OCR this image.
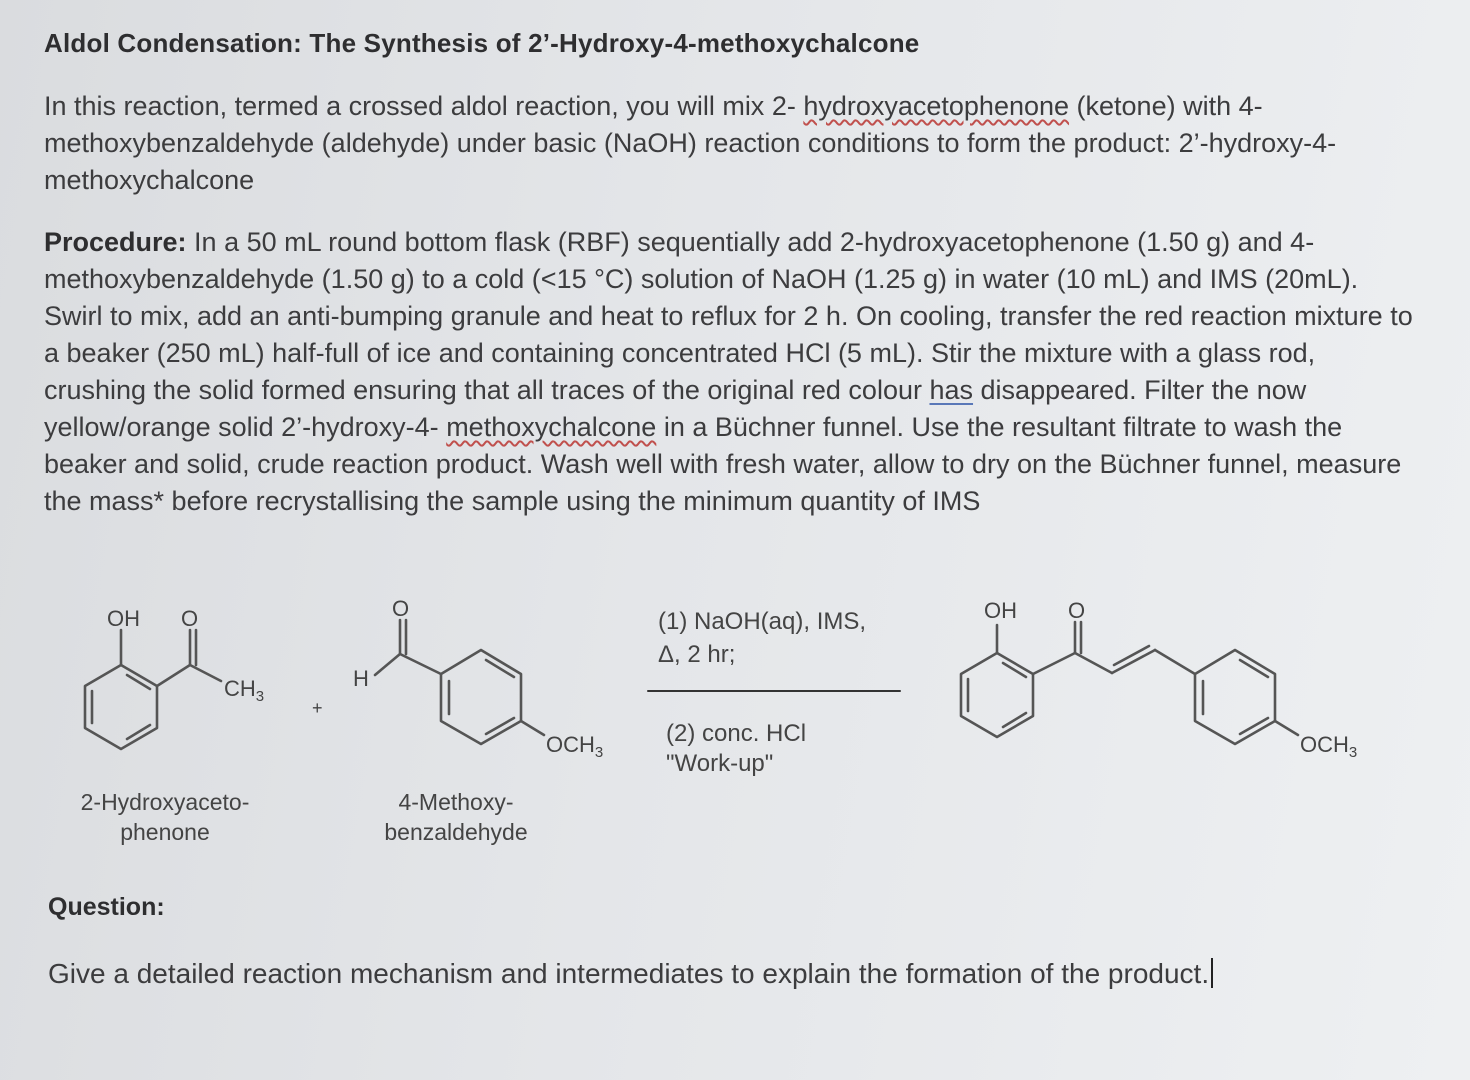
Aldol Condensation: The Synthesis of 2’-Hydroxy-4-methoxychalcone
In this reaction, termed a crossed aldol reaction, you will mix 2- hydroxyacetophenone (ketone) with 4-methoxybenzaldehyde (aldehyde) under basic (NaOH) reaction conditions to form the product: 2’-hydroxy-4-methoxychalcone
Procedure: In a 50 mL round bottom flask (RBF) sequentially add 2-hydroxyacetophenone (1.50 g) and 4-methoxybenzaldehyde (1.50 g) to a cold (<15 °C) solution of NaOH (1.25 g) in water (10 mL) and IMS (20mL). Swirl to mix, add an anti-bumping granule and heat to reflux for 2 h. On cooling, transfer the red reaction mixture to a beaker (250 mL) half-full of ice and containing concentrated HCl (5 mL). Stir the mixture with a glass rod, crushing the solid formed ensuring that all traces of the original red colour has disappeared. Filter the now yellow/orange solid 2’-hydroxy-4- methoxychalcone in a Büchner funnel. Use the resultant filtrate to wash the beaker and solid, crude reaction product. Wash well with fresh water, allow to dry on the Büchner funnel, measure the mass* before recrystallising the sample using the minimum quantity of IMS
OH O
$CH_3$
+
O
H
$OCH_3$
(1) NaOH(aq), IMS,
Δ, 2 hr;
(2) conc. HCl
"Work-up"
OH O
$OCH_3$
2-Hydroxyaceto-
phenone
4-Methoxy-
benzaldehyde
Question:
Give a detailed reaction mechanism and intermediates to explain the formation of the product.
